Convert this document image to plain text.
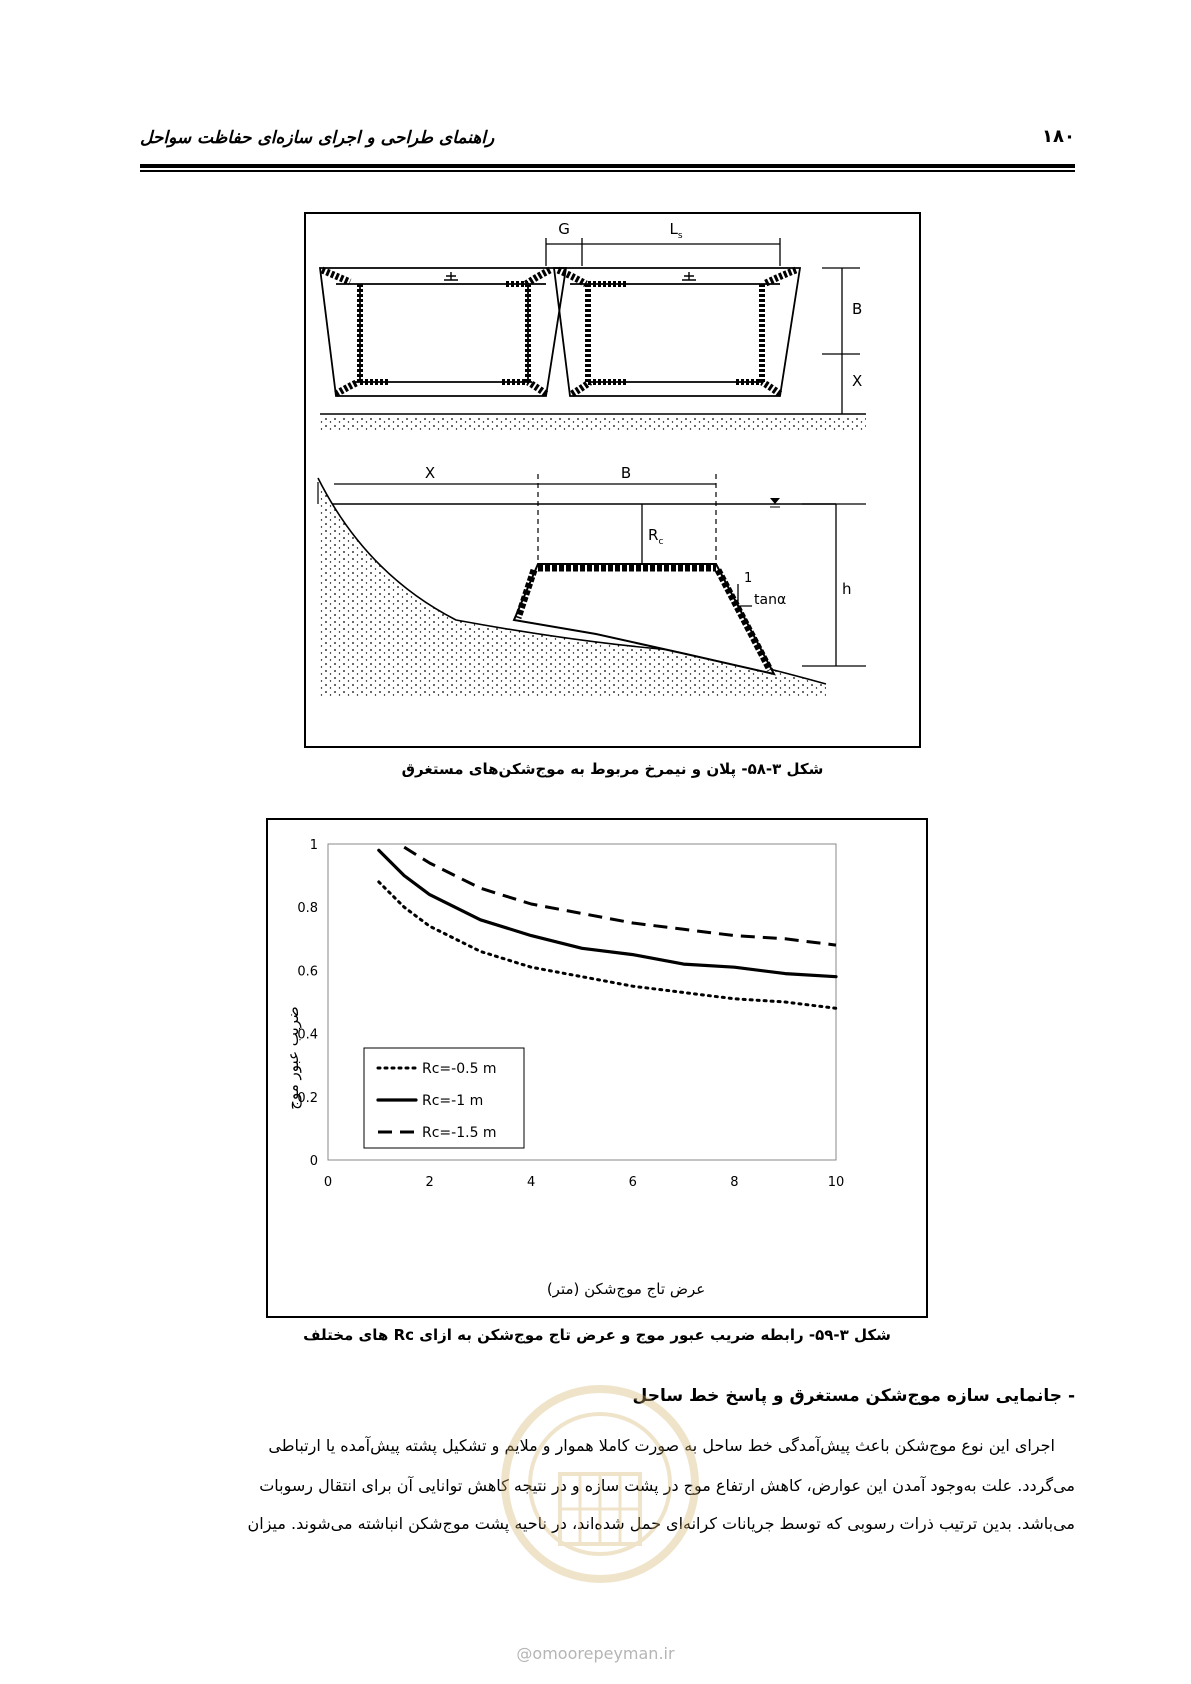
راهنمای طراحی و اجرای سازه‌ای حفاظت سواحل	۱۸۰
G	$L_s$
B
X
X	B
$R_c$
1
tanα
h
شکل ۳-۵۸- پلان و نیمرخ مربوط به موج‌شکن‌های مستغرق
0
0.2
0.4
0.6
0.8
1
0	2	4	6	8	10
Rc=-0.5 m
Rc=-1 m
Rc=-1.5 m
عرض تاج موج‌شکن (متر)
ضریب عبور موج
شکل ۳-۵۹- رابطه ضریب عبور موج و عرض تاج موج‌شکن به ازای Rc های مختلف
- جانمایی سازه موج‌شکن مستغرق و پاسخ خط ساحل
اجرای این نوع موج‌شکن باعث پیش‌آمدگی خط ساحل به صورت کاملا هموار و ملایم و تشکیل پشته پیش‌آمده یا ارتباطی
می‌گردد. علت به‌وجود آمدن این عوارض، کاهش ارتفاع موج در پشت سازه و در نتیجه کاهش توانایی آن برای انتقال رسوبات
می‌باشد. بدین ترتیب ذرات رسوبی که توسط جریانات کرانه‌ای حمل شده‌اند، در ناحیه پشت موج‌شکن انباشته می‌شوند. میزان
@omoorepeyman.ir
